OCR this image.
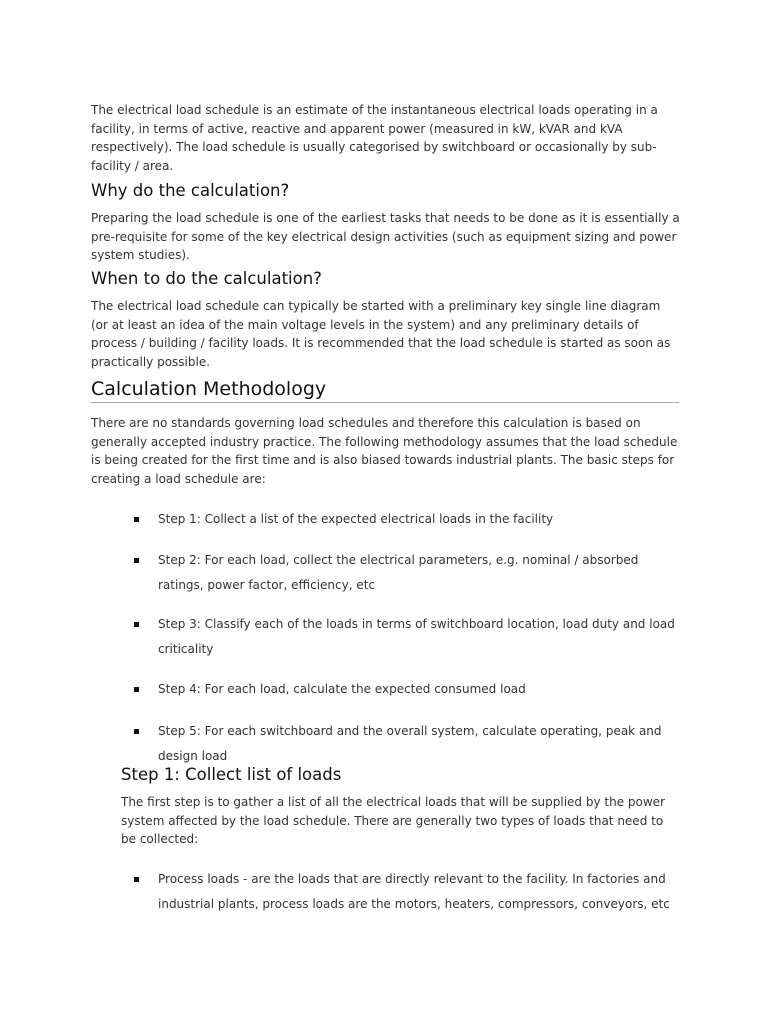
The electrical load schedule is an estimate of the instantaneous electrical loads operating in a facility, in terms of active, reactive and apparent power (measured in kW, kVAR and kVA respectively). The load schedule is usually categorised by switchboard or occasionally by sub-facility / area.

Why do the calculation?

Preparing the load schedule is one of the earliest tasks that needs to be done as it is essentially a pre-requisite for some of the key electrical design activities (such as equipment sizing and power system studies).

When to do the calculation?

The electrical load schedule can typically be started with a preliminary key single line diagram (or at least an idea of the main voltage levels in the system) and any preliminary details of process / building / facility loads. It is recommended that the load schedule is started as soon as practically possible.

Calculation Methodology

There are no standards governing load schedules and therefore this calculation is based on generally accepted industry practice. The following methodology assumes that the load schedule is being created for the first time and is also biased towards industrial plants. The basic steps for creating a load schedule are:

Step 1: Collect a list of the expected electrical loads in the facility

Step 2: For each load, collect the electrical parameters, e.g. nominal / absorbed ratings, power factor, efficiency, etc

Step 3: Classify each of the loads in terms of switchboard location, load duty and load criticality

Step 4: For each load, calculate the expected consumed load

Step 5: For each switchboard and the overall system, calculate operating, peak and design load

Step 1: Collect list of loads

The first step is to gather a list of all the electrical loads that will be supplied by the power system affected by the load schedule. There are generally two types of loads that need to be collected:

Process loads - are the loads that are directly relevant to the facility. In factories and industrial plants, process loads are the motors, heaters, compressors, conveyors, etc
